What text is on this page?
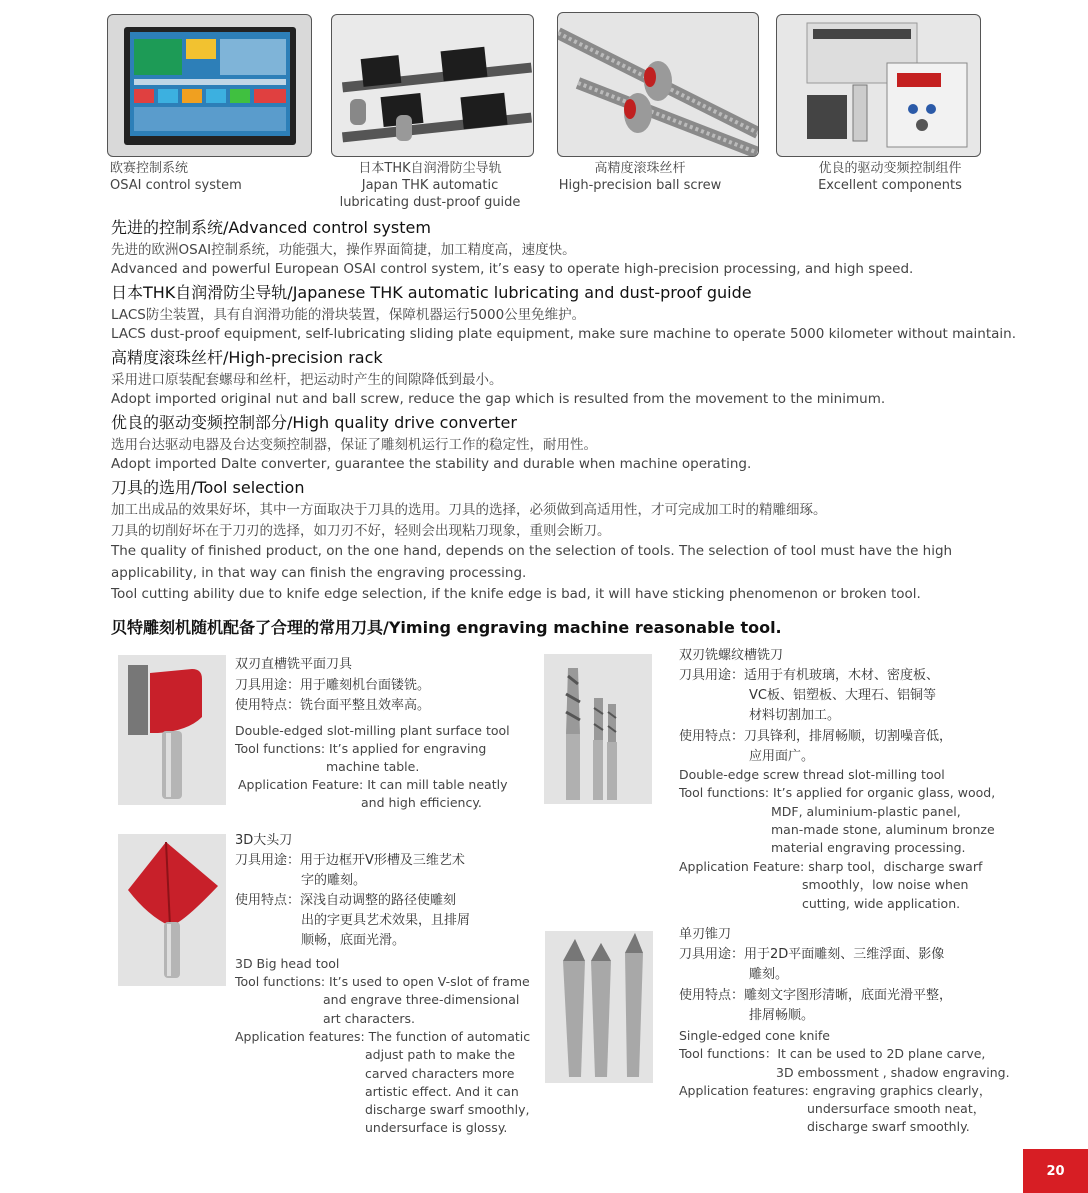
欧赛控制系统
OSAI control system
日本THK自润滑防尘导轨
Japan THK automatic
lubricating dust-proof guide
高精度滚珠丝杆
High-precision ball screw
优良的驱动变频控制组件
Excellent components
先进的控制系统/Advanced control system
先进的欧洲OSAI控制系统，功能强大，操作界面简捷，加工精度高，速度快。
Advanced and powerful European OSAI control system, it’s easy to operate high-precision processing, and high speed.
日本THK自润滑防尘导轨/Japanese THK automatic lubricating and dust-proof guide
LACS防尘装置，具有自润滑功能的滑块装置，保障机器运行5000公里免维护。
LACS dust-proof equipment, self-lubricating sliding plate equipment, make sure machine to operate 5000 kilometer without maintain.
高精度滚珠丝杆/High-precision rack
采用进口原装配套螺母和丝杆，把运动时产生的间隙降低到最小。
Adopt imported original nut and ball screw, reduce the gap which is resulted from the movement to the minimum.
优良的驱动变频控制部分/High quality drive converter
选用台达驱动电器及台达变频控制器，保证了雕刻机运行工作的稳定性，耐用性。
Adopt imported Dalte converter, guarantee the stability and durable when machine operating.
刀具的选用/Tool selection
加工出成品的效果好坏，其中一方面取决于刀具的选用。刀具的选择，必须做到高适用性，才可完成加工时的精雕细琢。
刀具的切削好坏在于刀刃的选择，如刀刃不好，轻则会出现粘刀现象，重则会断刀。
The quality of finished product, on the one hand, depends on the selection of tools. The selection of tool must have the high
applicability, in that way can finish the engraving processing.
Tool cutting ability due to knife edge selection, if the knife edge is bad, it will have sticking phenomenon or broken tool.
贝特雕刻机随机配备了合理的常用刀具/Yiming engraving machine reasonable tool.
双刃直槽铣平面刀具
刀具用途：用于雕刻机台面镂铣。
使用特点：铣台面平整且效率高。
Double-edged slot-milling plant surface tool
Tool functions: It’s applied for engraving
machine table.
Application Feature: It can mill table neatly
and high efficiency.
3D大头刀
刀具用途：用于边框开V形槽及三维艺术
字的雕刻。
使用特点：深浅自动调整的路径使雕刻
出的字更具艺术效果，且排屑
顺畅，底面光滑。
3D Big head tool
Tool functions: It’s used to open V-slot of frame
and engrave three-dimensional
art characters.
Application features: The function of automatic
adjust path to make the
carved characters more
artistic effect. And it can
discharge swarf smoothly,
undersurface is glossy.
双刃铣螺纹槽铣刀
刀具用途：适用于有机玻璃，木材、密度板、
VC板、铝塑板、大理石、铝铜等
材料切割加工。
使用特点：刀具锋利，排屑畅顺，切割噪音低，
应用面广。
Double-edge screw thread slot-milling tool
Tool functions: It’s applied for organic glass, wood,
MDF, aluminium-plastic panel,
man-made stone, aluminum bronze
material engraving processing.
Application Feature: sharp tool，discharge swarf
smoothly，low noise when
cutting, wide application.
单刃锥刀
刀具用途：用于2D平面雕刻、三维浮面、影像
雕刻。
使用特点：雕刻文字图形清晰，底面光滑平整，
排屑畅顺。
Single-edged cone knife
Tool functions：It can be used to 2D plane carve,
3D embossment , shadow engraving.
Application features: engraving graphics clearly，
undersurface smooth neat，
discharge swarf smoothly.
20
